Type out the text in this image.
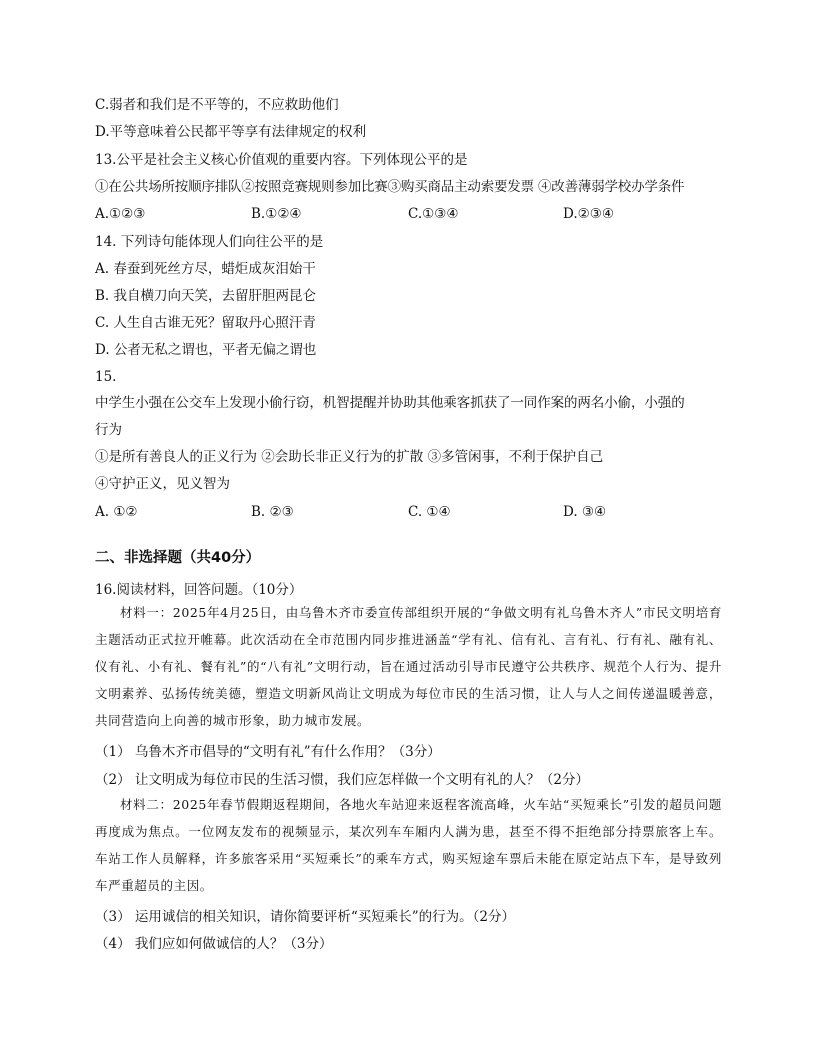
C.弱者和我们是不平等的，不应救助他们
D.平等意味着公民都平等享有法律规定的权利
13.公平是社会主义核心价值观的重要内容。下列体现公平的是
①在公共场所按顺序排队②按照竞赛规则参加比赛③购买商品主动索要发票 ④改善薄弱学校办学条件
A.①②③	B.①②④	C.①③④	D.②③④
14. 下列诗句能体现人们向往公平的是
A. 春蚕到死丝方尽，蜡炬成灰泪始干
B. 我自横刀向天笑，去留肝胆两昆仑
C. 人生自古谁无死？留取丹心照汗青
D. 公者无私之谓也，平者无偏之谓也
15.
中学生小强在公交车上发现小偷行窃，机智提醒并协助其他乘客抓获了一同作案的两名小偷，小强的
行为
①是所有善良人的正义行为 ②会助长非正义行为的扩散 ③多管闲事，不利于保护自己
④守护正义，见义智为
A. ①②	B. ②③	C. ①④	D. ③④
二、非选择题（共40分）
16.阅读材料，回答问题。（10分）
材料一：2025年4月25日，由乌鲁木齐市委宣传部组织开展的“争做文明有礼乌鲁木齐人”市民文明培育主题活动正式拉开帷幕。此次活动在全市范围内同步推进涵盖“学有礼、信有礼、言有礼、行有礼、融有礼、仪有礼、小有礼、餐有礼”的“八有礼”文明行动，旨在通过活动引导市民遵守公共秩序、规范个人行为、提升文明素养、弘扬传统美德，塑造文明新风尚让文明成为每位市民的生活习惯，让人与人之间传递温暖善意，共同营造向上向善的城市形象，助力城市发展。
（1） 乌鲁木齐市倡导的“文明有礼”有什么作用？（3分）
（2） 让文明成为每位市民的生活习惯，我们应怎样做一个文明有礼的人？（2分）
材料二：2025年春节假期返程期间，各地火车站迎来返程客流高峰，火车站“买短乘长”引发的超员问题再度成为焦点。一位网友发布的视频显示，某次列车车厢内人满为患，甚至不得不拒绝部分持票旅客上车。车站工作人员解释，许多旅客采用“买短乘长”的乘车方式，购买短途车票后未能在原定站点下车，是导致列车严重超员的主因。
（3） 运用诚信的相关知识，请你简要评析“买短乘长”的行为。（2分）
（4） 我们应如何做诚信的人？（3分）
